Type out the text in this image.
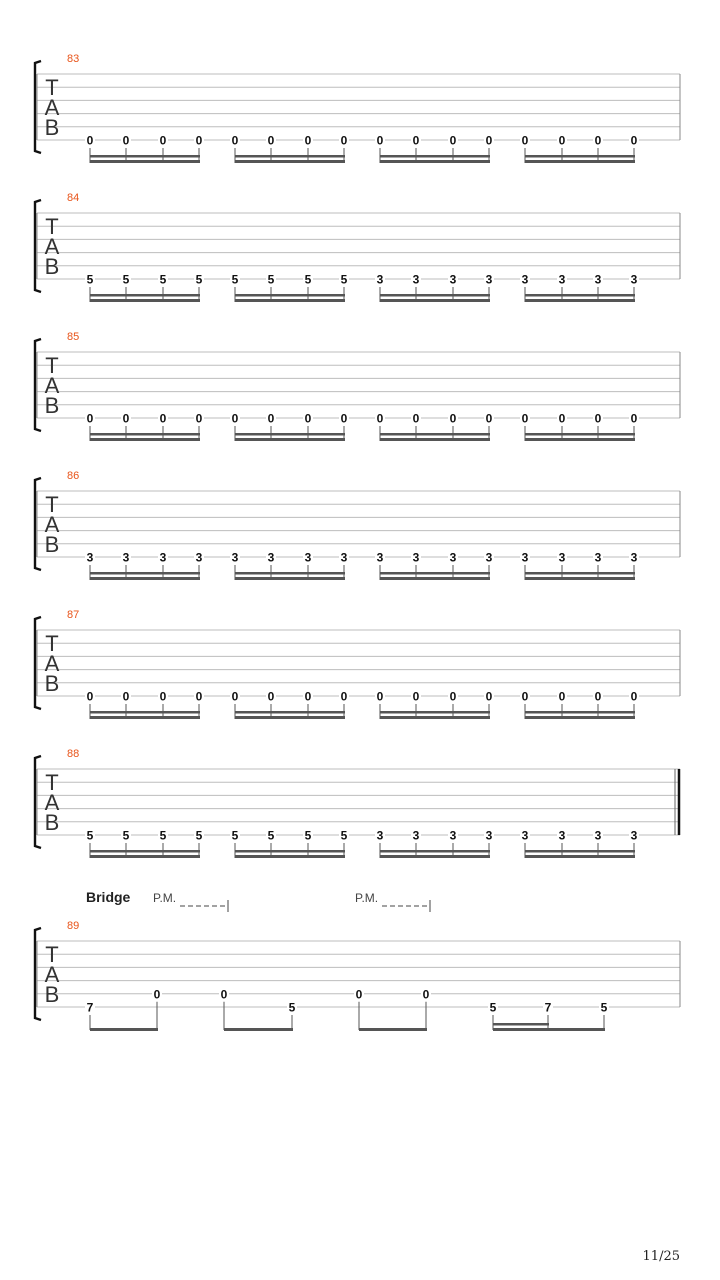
83
T
A
B
0 0	0 0 0 0	0 0 0 0	0 0 0	0 0 0
84
T
A
B
5 5	5 5 5 5	5 5 3 3	3 3 3	3 3 3
85
T
A
B
0 0	0 0 0 0	0 0 0 0	0 0 0	0 0 0
86
T
A
B
3 3	3 3 3 3	3 3 3 3	3 3 3	3 3 3
87
T
A
B
0 0	0 0 0 0	0 0 0 0	0 0 0	0 0 0
88
T
A
B
5 5	5 5 5 5	5 5 3 3	3 3 3	3 3 3
89
T
A
B
7
0	0
5
0	0
5	7	5
Bridge P.M.	P.M.
11/25
